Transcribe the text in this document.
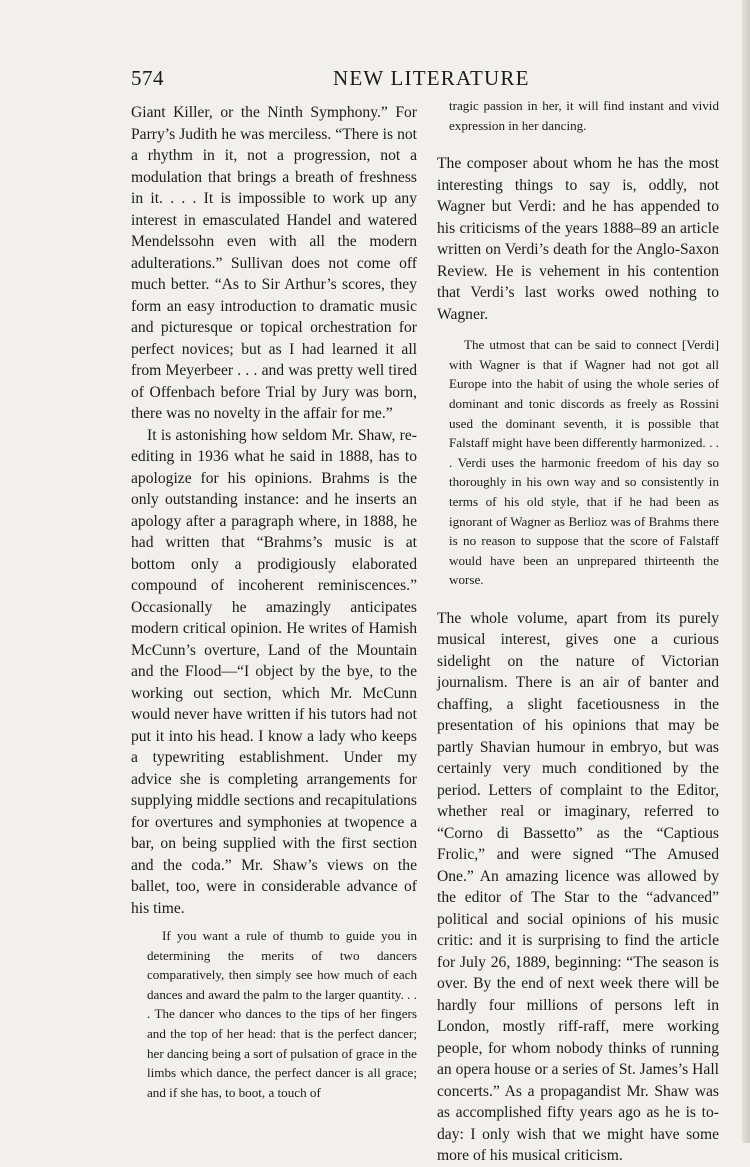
574	NEW LITERATURE

Giant Killer, or the Ninth Symphony.” For Parry’s Judith he was merciless. “There is not a rhythm in it, not a progression, not a modulation that brings a breath of freshness in it. . . . It is impossible to work up any interest in emasculated Handel and watered Mendelssohn even with all the modern adulterations.” Sullivan does not come off much better. “As to Sir Arthur’s scores, they form an easy introduction to dramatic music and picturesque or topical orchestration for perfect novices; but as I had learned it all from Meyerbeer . . . and was pretty well tired of Offenbach before Trial by Jury was born, there was no novelty in the affair for me.”

It is astonishing how seldom Mr. Shaw, re-editing in 1936 what he said in 1888, has to apologize for his opinions. Brahms is the only outstanding instance: and he inserts an apology after a paragraph where, in 1888, he had written that “Brahms’s music is at bottom only a prodigiously elaborated compound of incoherent reminiscences.” Occasionally he amazingly anticipates modern critical opinion. He writes of Hamish McCunn’s overture, Land of the Mountain and the Flood—“I object by the bye, to the working out section, which Mr. McCunn would never have written if his tutors had not put it into his head. I know a lady who keeps a typewriting establishment. Under my advice she is completing arrangements for supplying middle sections and recapitulations for overtures and symphonies at twopence a bar, on being supplied with the first section and the coda.” Mr. Shaw’s views on the ballet, too, were in considerable advance of his time.

If you want a rule of thumb to guide you in determining the merits of two dancers comparatively, then simply see how much of each dances and award the palm to the larger quantity. . . . The dancer who dances to the tips of her fingers and the top of her head: that is the perfect dancer; her dancing being a sort of pulsation of grace in the limbs which dance, the perfect dancer is all grace; and if she has, to boot, a touch of

tragic passion in her, it will find instant and vivid expression in her dancing.

The composer about whom he has the most interesting things to say is, oddly, not Wagner but Verdi: and he has appended to his criticisms of the years 1888–89 an article written on Verdi’s death for the Anglo-Saxon Review. He is vehement in his contention that Verdi’s last works owed nothing to Wagner.

The utmost that can be said to connect [Verdi] with Wagner is that if Wagner had not got all Europe into the habit of using the whole series of dominant and tonic discords as freely as Rossini used the dominant seventh, it is possible that Falstaff might have been differently harmonized. . . . Verdi uses the harmonic freedom of his day so thoroughly in his own way and so consistently in terms of his old style, that if he had been as ignorant of Wagner as Berlioz was of Brahms there is no reason to suppose that the score of Falstaff would have been an unprepared thirteenth the worse.

The whole volume, apart from its purely musical interest, gives one a curious sidelight on the nature of Victorian journalism. There is an air of banter and chaffing, a slight facetiousness in the presentation of his opinions that may be partly Shavian humour in embryo, but was certainly very much conditioned by the period. Letters of complaint to the Editor, whether real or imaginary, referred to “Corno di Bassetto” as the “Captious Frolic,” and were signed “The Amused One.” An amazing licence was allowed by the editor of The Star to the “advanced” political and social opinions of his music critic: and it is surprising to find the article for July 26, 1889, beginning: “The season is over. By the end of next week there will be hardly four millions of persons left in London, mostly riff-raff, mere working people, for whom nobody thinks of running an opera house or a series of St. James’s Hall concerts.” As a propagandist Mr. Shaw was as accomplished fifty years ago as he is to-day: I only wish that we might have some more of his musical criticism.
